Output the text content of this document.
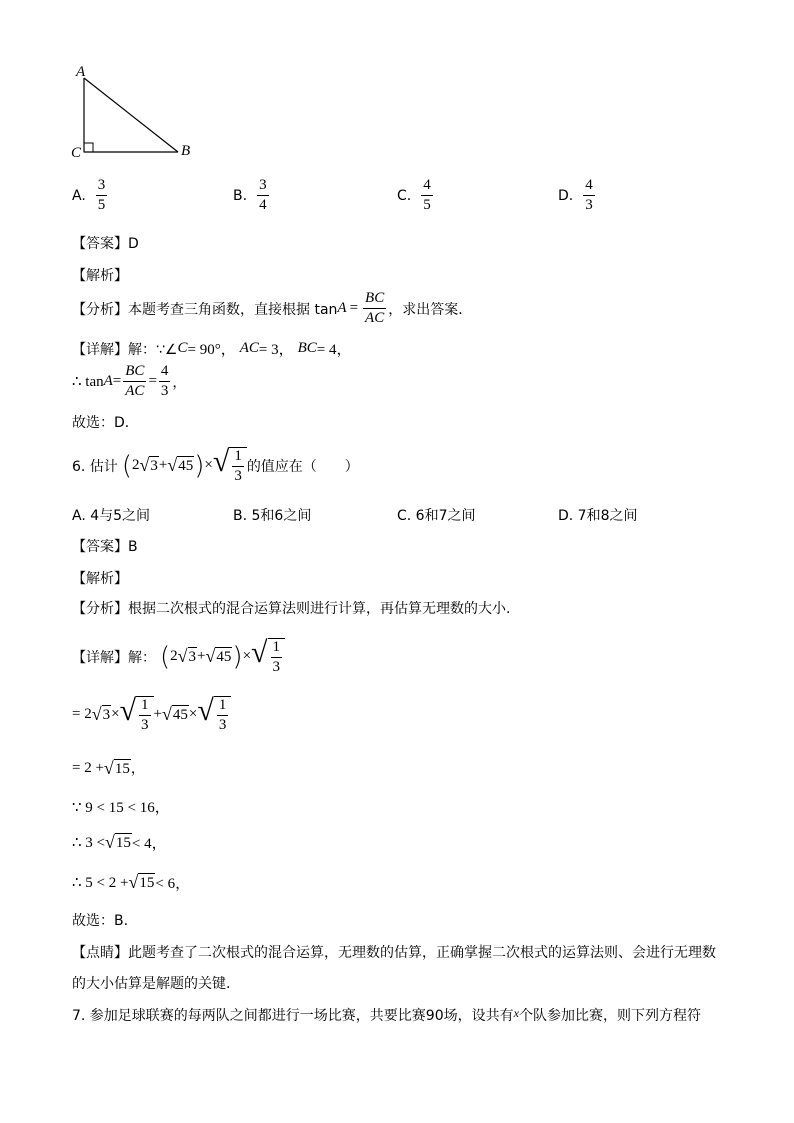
A
C	B
A. $\frac{3}{5}$	B. $\frac{3}{4}$	C. $\frac{4}{5}$	D. $\frac{4}{3}$
【答案】D
【解析】
【分析】 本题考查三角函数，直接根据 $\tan A = \frac{BC}{AC}$ ，求出答案．
【详解】 解：∵∠ C = 90°， AC = 3， BC = 4，
∴ $\tan A = \frac{BC}{AC} = \frac{4}{3}$ ，
故选：D．
6. 估计 ( 2 √ 3 + √ 45 ) × √ $\frac{1}{3}$ 的值应在（　　）
A. 4与5之间	B. 5和6之间	C. 6和7之间	D. 7和8之间
【答案】B
【解析】
【分析】根据二次根式的混合运算法则进行计算，再估算无理数的大小.
【详解】 解： ( 2 √ 3 + √ 45 ) × √ $\frac{1}{3}$
= 2 √ 3 × √ $\frac{1}{3}$ + √ 45 × √ $\frac{1}{3}$
= 2 + √ 15 ，
∵ 9 < 15 < 16，
∴ 3 < √ 15 < 4，
∴ 5 < 2 + √ 15 < 6，
故选：B.
【点睛】此题考查了二次根式的混合运算，无理数的估算，正确掌握二次根式的运算法则、会进行无理数
的大小估算是解题的关键.
7. 参加足球联赛的每两队之间都进行一场比赛，共要比赛90场，设共有x个队参加比赛，则下列方程符
